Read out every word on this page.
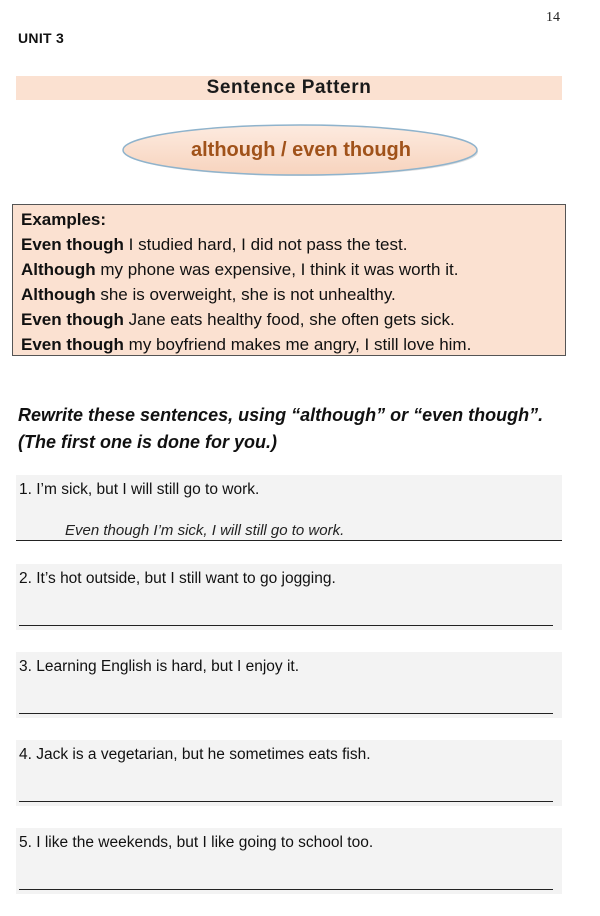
14
UNIT 3
Sentence Pattern
although / even though
Examples:
Even though I studied hard, I did not pass the test.
Although my phone was expensive, I think it was worth it.
Although she is overweight, she is not unhealthy.
Even though Jane eats healthy food, she often gets sick.
Even though my boyfriend makes me angry, I still love him.
Rewrite these sentences, using “although” or “even though”.
(The first one is done for you.)
1. I’m sick, but I will still go to work.
Even though I’m sick, I will still go to work.
2. It’s hot outside, but I still want to go jogging.
3. Learning English is hard, but I enjoy it.
4. Jack is a vegetarian, but he sometimes eats fish.
5. I like the weekends, but I like going to school too.
